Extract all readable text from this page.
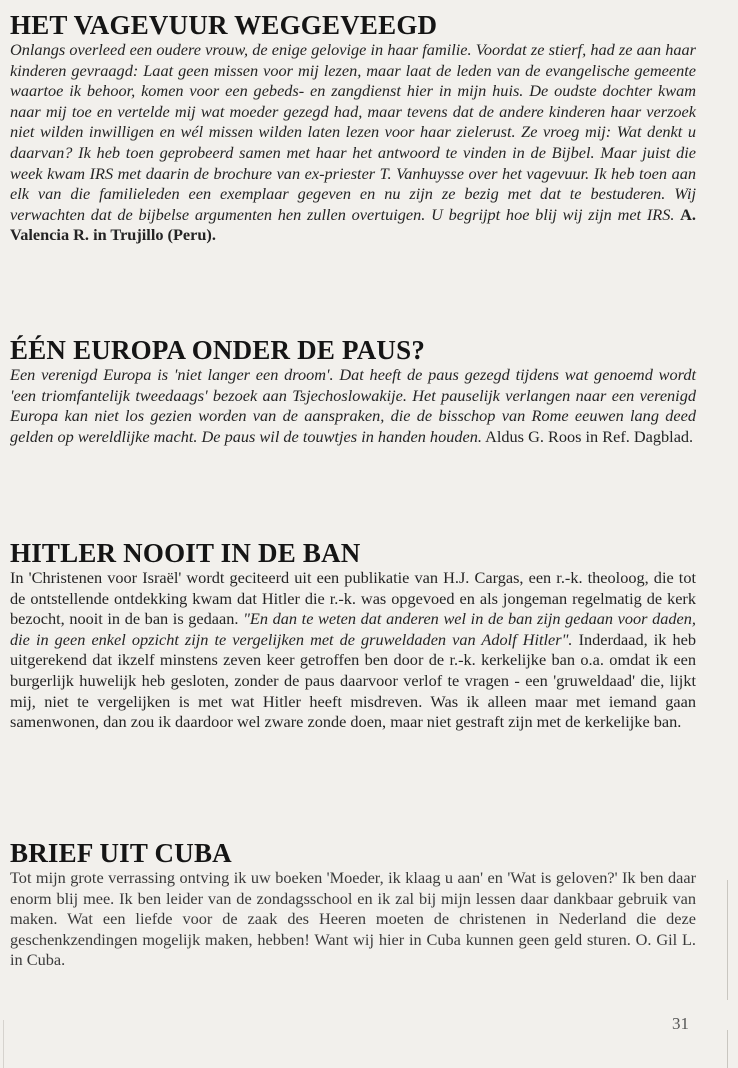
HET VAGEVUUR WEGGEVEEGD

Onlangs overleed een oudere vrouw, de enige gelovige in haar familie. Voordat ze stierf, had ze aan haar kinderen gevraagd: Laat geen missen voor mij lezen, maar laat de leden van de evangelische gemeente waartoe ik behoor, komen voor een gebeds- en zangdienst hier in mijn huis. De oudste dochter kwam naar mij toe en vertelde mij wat moeder gezegd had, maar tevens dat de andere kinderen haar verzoek niet wilden inwilligen en wél missen wilden laten lezen voor haar zielerust. Ze vroeg mij: Wat denkt u daarvan? Ik heb toen geprobeerd samen met haar het antwoord te vinden in de Bijbel. Maar juist die week kwam IRS met daarin de brochure van ex-priester T. Vanhuysse over het vagevuur. Ik heb toen aan elk van die familieleden een exemplaar gegeven en nu zijn ze bezig met dat te bestuderen. Wij verwachten dat de bijbelse argumenten hen zullen overtuigen. U begrijpt hoe blij wij zijn met IRS. A. Valencia R. in Trujillo (Peru).

ÉÉN EUROPA ONDER DE PAUS?

Een verenigd Europa is 'niet langer een droom'. Dat heeft de paus gezegd tijdens wat genoemd wordt 'een triomfantelijk tweedaags' bezoek aan Tsjechoslowakije. Het pauselijk verlangen naar een verenigd Europa kan niet los gezien worden van de aanspraken, die de bisschop van Rome eeuwen lang deed gelden op wereldlijke macht. De paus wil de touwtjes in handen houden. Aldus G. Roos in Ref. Dagblad.

HITLER NOOIT IN DE BAN

In 'Christenen voor Israël' wordt geciteerd uit een publikatie van H.J. Cargas, een r.-k. theoloog, die tot de ontstellende ontdekking kwam dat Hitler die r.-k. was opgevoed en als jongeman regelmatig de kerk bezocht, nooit in de ban is gedaan. "En dan te weten dat anderen wel in de ban zijn gedaan voor daden, die in geen enkel opzicht zijn te vergelijken met de gruweldaden van Adolf Hitler". Inderdaad, ik heb uitgerekend dat ikzelf minstens zeven keer getroffen ben door de r.-k. kerkelijke ban o.a. omdat ik een burgerlijk huwelijk heb gesloten, zonder de paus daarvoor verlof te vragen - een 'gruweldaad' die, lijkt mij, niet te vergelijken is met wat Hitler heeft misdreven. Was ik alleen maar met iemand gaan samenwonen, dan zou ik daardoor wel zware zonde doen, maar niet gestraft zijn met de kerkelijke ban.

BRIEF UIT CUBA

Tot mijn grote verrassing ontving ik uw boeken 'Moeder, ik klaag u aan' en 'Wat is geloven?' Ik ben daar enorm blij mee. Ik ben leider van de zondagsschool en ik zal bij mijn lessen daar dankbaar gebruik van maken. Wat een liefde voor de zaak des Heeren moeten de christenen in Nederland die deze geschenkzendingen mogelijk maken, hebben! Want wij hier in Cuba kunnen geen geld sturen. O. Gil L. in Cuba.

31
